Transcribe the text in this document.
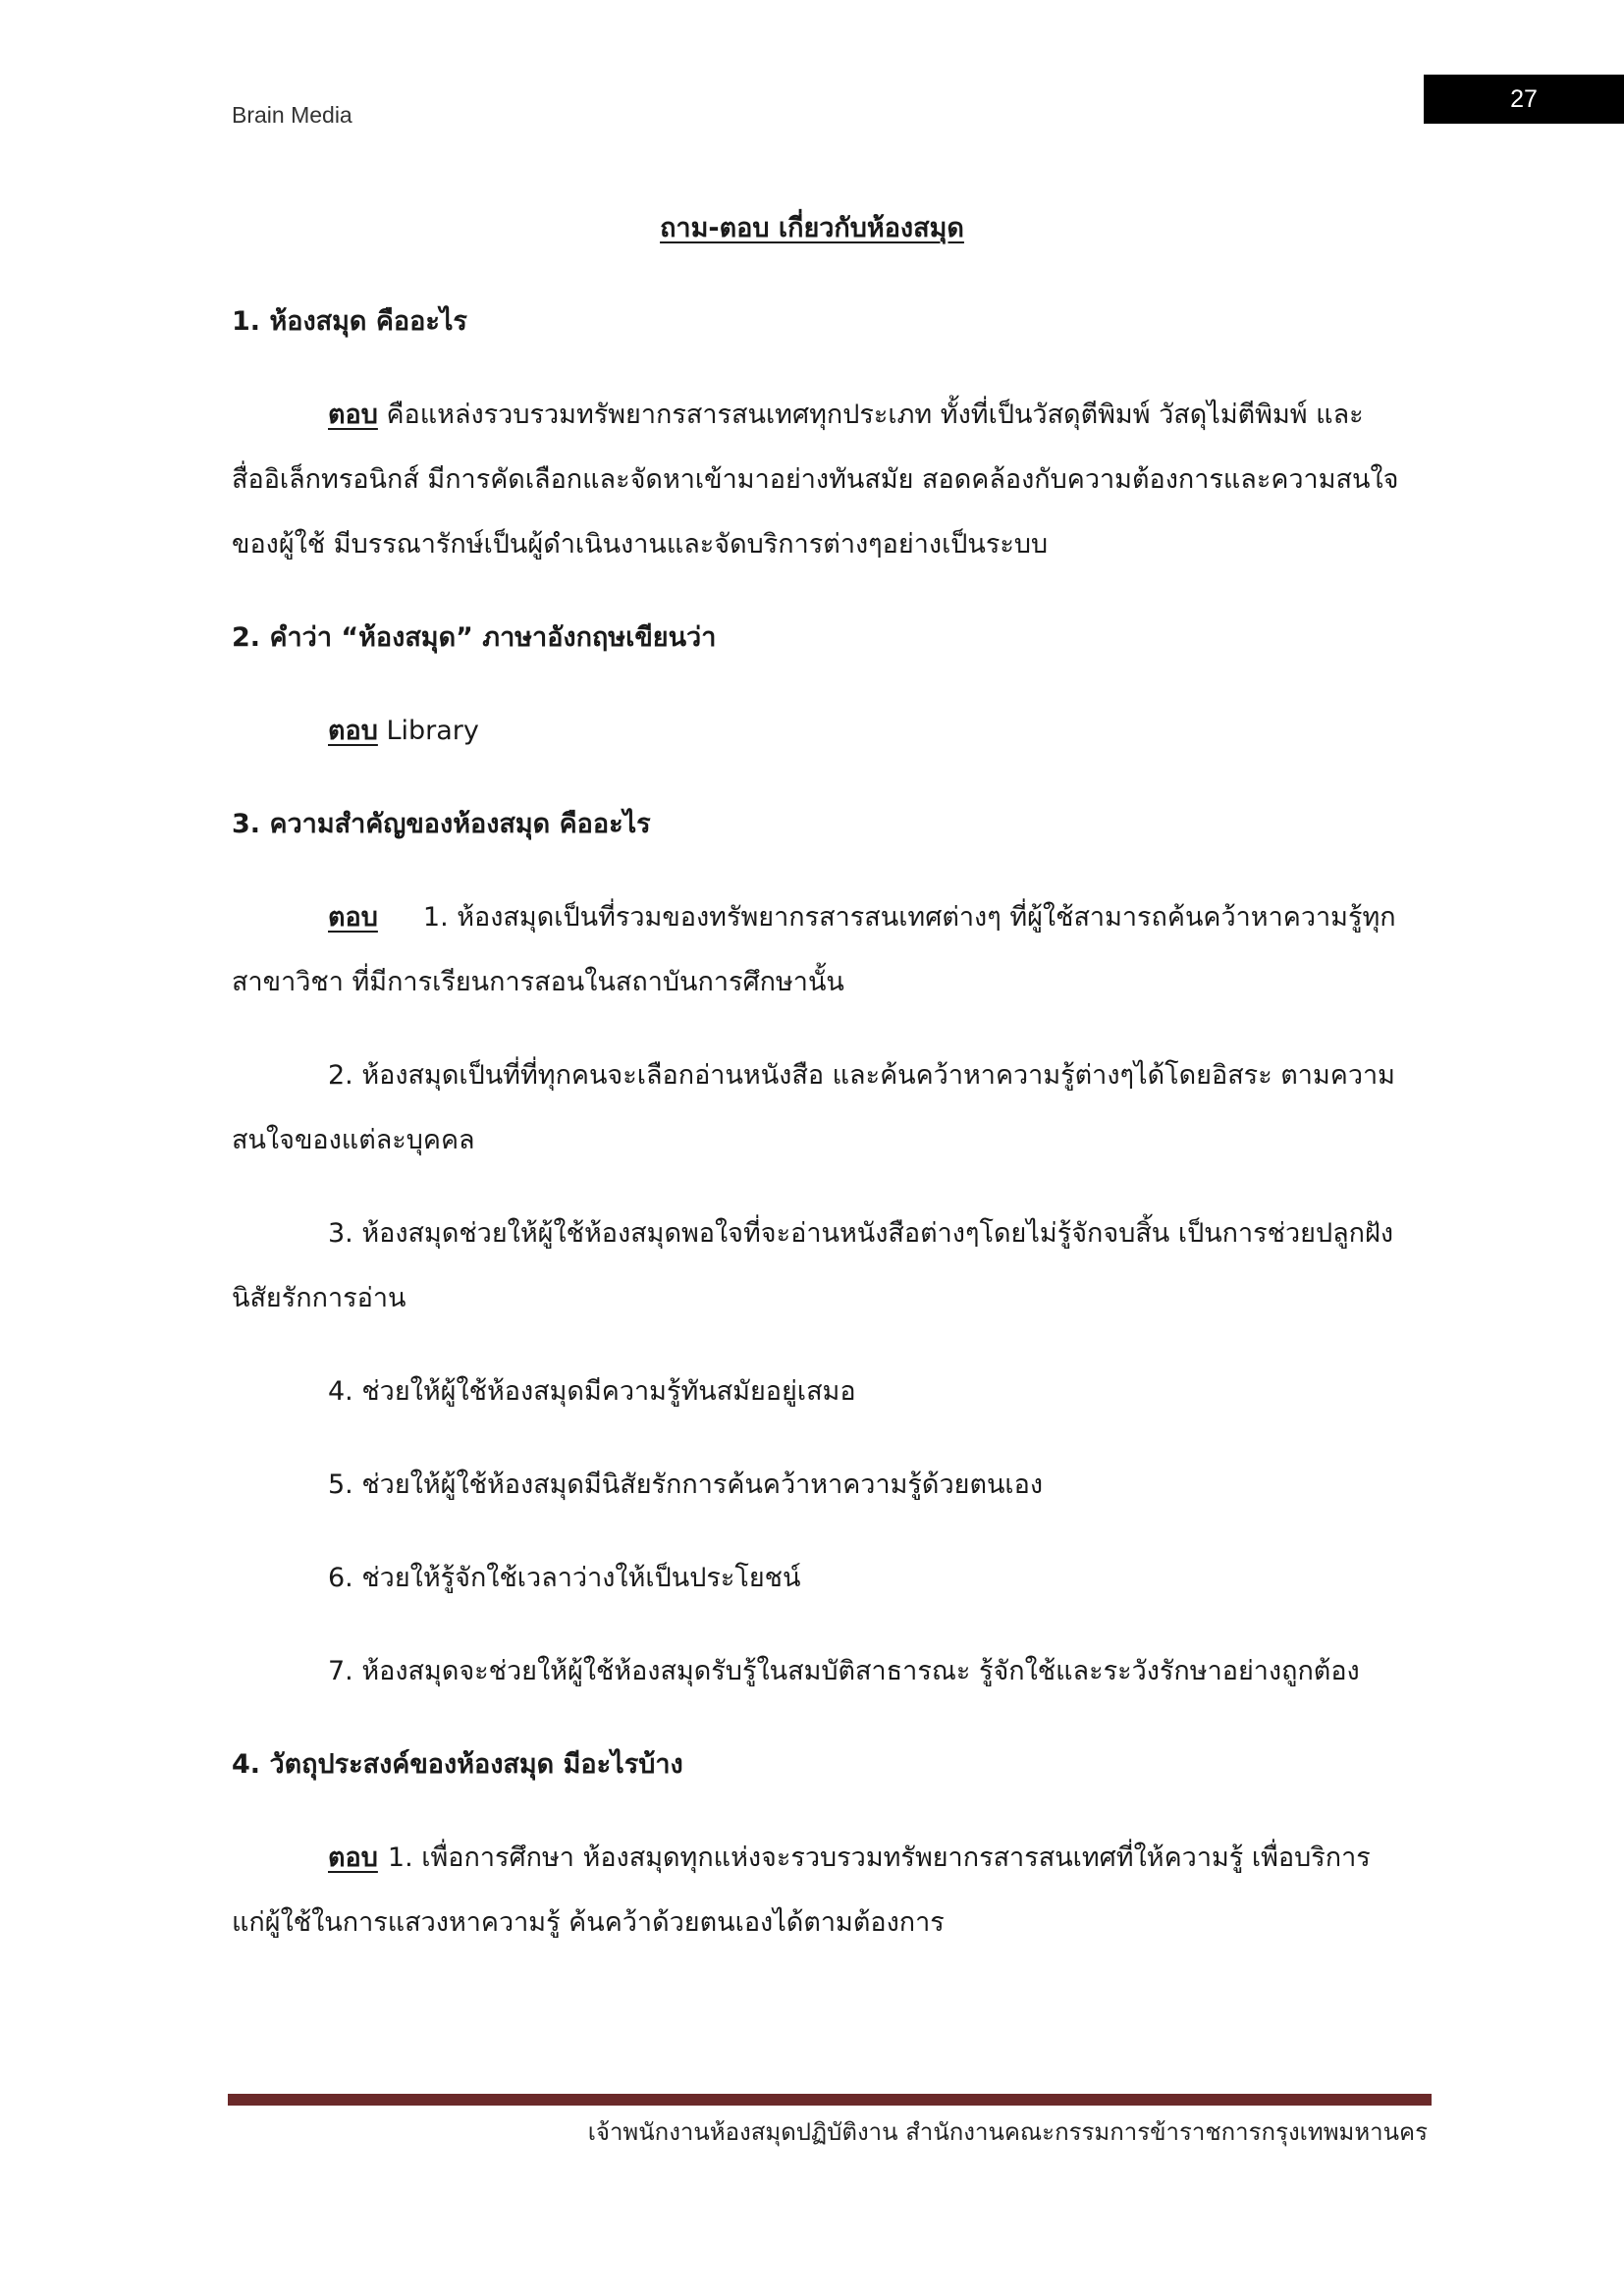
Brain Media
27
ถาม-ตอบ เกี่ยวกับห้องสมุด
1. ห้องสมุด คืออะไร
ตอบ คือแหล่งรวบรวมทรัพยากรสารสนเทศทุกประเภท ทั้งที่เป็นวัสดุตีพิมพ์ วัสดุไม่ตีพิมพ์ และ
สื่ออิเล็กทรอนิกส์ มีการคัดเลือกและจัดหาเข้ามาอย่างทันสมัย สอดคล้องกับความต้องการและความสนใจ
ของผู้ใช้ มีบรรณารักษ์เป็นผู้ดำเนินงานและจัดบริการต่างๆอย่างเป็นระบบ
2. คำว่า “ห้องสมุด” ภาษาอังกฤษเขียนว่า
ตอบ Library
3. ความสำคัญของห้องสมุด คืออะไร
ตอบ 1. ห้องสมุดเป็นที่รวมของทรัพยากรสารสนเทศต่างๆ ที่ผู้ใช้สามารถค้นคว้าหาความรู้ทุก
สาขาวิชา ที่มีการเรียนการสอนในสถาบันการศึกษานั้น
2. ห้องสมุดเป็นที่ที่ทุกคนจะเลือกอ่านหนังสือ และค้นคว้าหาความรู้ต่างๆได้โดยอิสระ ตามความ
สนใจของแต่ละบุคคล
3. ห้องสมุดช่วยให้ผู้ใช้ห้องสมุดพอใจที่จะอ่านหนังสือต่างๆโดยไม่รู้จักจบสิ้น เป็นการช่วยปลูกฝัง
นิสัยรักการอ่าน
4. ช่วยให้ผู้ใช้ห้องสมุดมีความรู้ทันสมัยอยู่เสมอ
5. ช่วยให้ผู้ใช้ห้องสมุดมีนิสัยรักการค้นคว้าหาความรู้ด้วยตนเอง
6. ช่วยให้รู้จักใช้เวลาว่างให้เป็นประโยชน์
7. ห้องสมุดจะช่วยให้ผู้ใช้ห้องสมุดรับรู้ในสมบัติสาธารณะ รู้จักใช้และระวังรักษาอย่างถูกต้อง
4. วัตถุประสงค์ของห้องสมุด มีอะไรบ้าง
ตอบ 1. เพื่อการศึกษา ห้องสมุดทุกแห่งจะรวบรวมทรัพยากรสารสนเทศที่ให้ความรู้ เพื่อบริการ
แก่ผู้ใช้ในการแสวงหาความรู้ ค้นคว้าด้วยตนเองได้ตามต้องการ
เจ้าพนักงานห้องสมุดปฏิบัติงาน สำนักงานคณะกรรมการข้าราชการกรุงเทพมหานคร
